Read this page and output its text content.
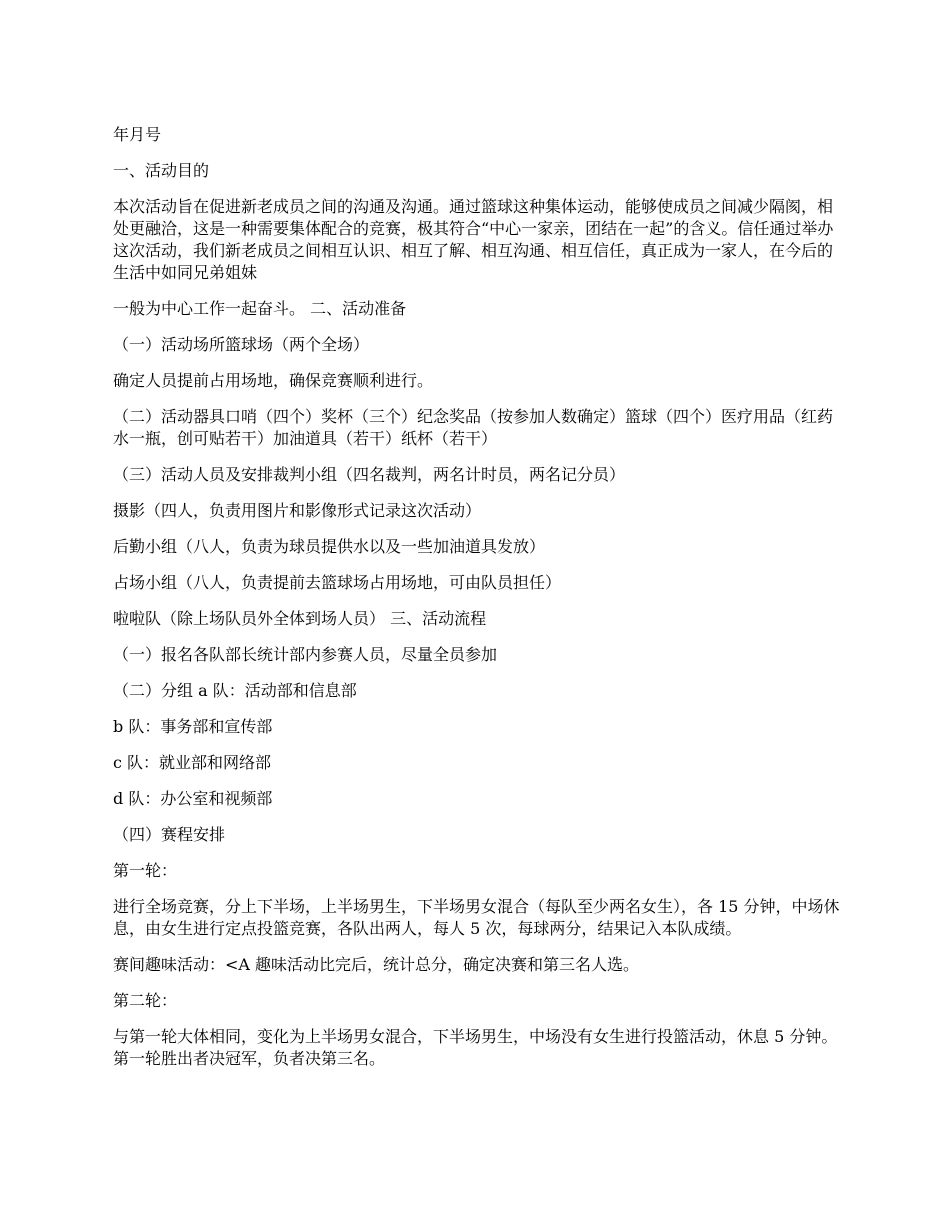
年月号

一、活动目的

本次活动旨在促进新老成员之间的沟通及沟通。通过篮球这种集体运动，能够使成员之间减少隔阂，相处更融洽，这是一种需要集体配合的竞赛，极其符合“中心一家亲，团结在一起”的含义。信任通过举办这次活动，我们新老成员之间相互认识、相互了解、相互沟通、相互信任，真正成为一家人，在今后的生活中如同兄弟姐妹

一般为中心工作一起奋斗。 二、活动准备

（一）活动场所篮球场（两个全场）

确定人员提前占用场地，确保竞赛顺利进行。

（二）活动器具口哨（四个）奖杯（三个）纪念奖品（按参加人数确定）篮球（四个）医疗用品（红药水一瓶，创可贴若干）加油道具（若干）纸杯（若干）

（三）活动人员及安排裁判小组（四名裁判，两名计时员，两名记分员）

摄影（四人，负责用图片和影像形式记录这次活动）

后勤小组（八人，负责为球员提供水以及一些加油道具发放）

占场小组（八人，负责提前去篮球场占用场地，可由队员担任）

啦啦队（除上场队员外全体到场人员） 三、活动流程

（一）报名各队部长统计部内参赛人员，尽量全员参加

（二）分组 a 队：活动部和信息部

b 队：事务部和宣传部

c 队：就业部和网络部

d 队：办公室和视频部

（四）赛程安排

第一轮：

进行全场竞赛，分上下半场，上半场男生，下半场男女混合（每队至少两名女生），各 15 分钟，中场休息，由女生进行定点投篮竞赛，各队出两人，每人 5 次，每球两分，结果记入本队成绩。

赛间趣味活动：<A 趣味活动比完后，统计总分，确定决赛和第三名人选。

第二轮：

与第一轮大体相同，变化为上半场男女混合，下半场男生，中场没有女生进行投篮活动，休息 5 分钟。第一轮胜出者决冠军，负者决第三名。
